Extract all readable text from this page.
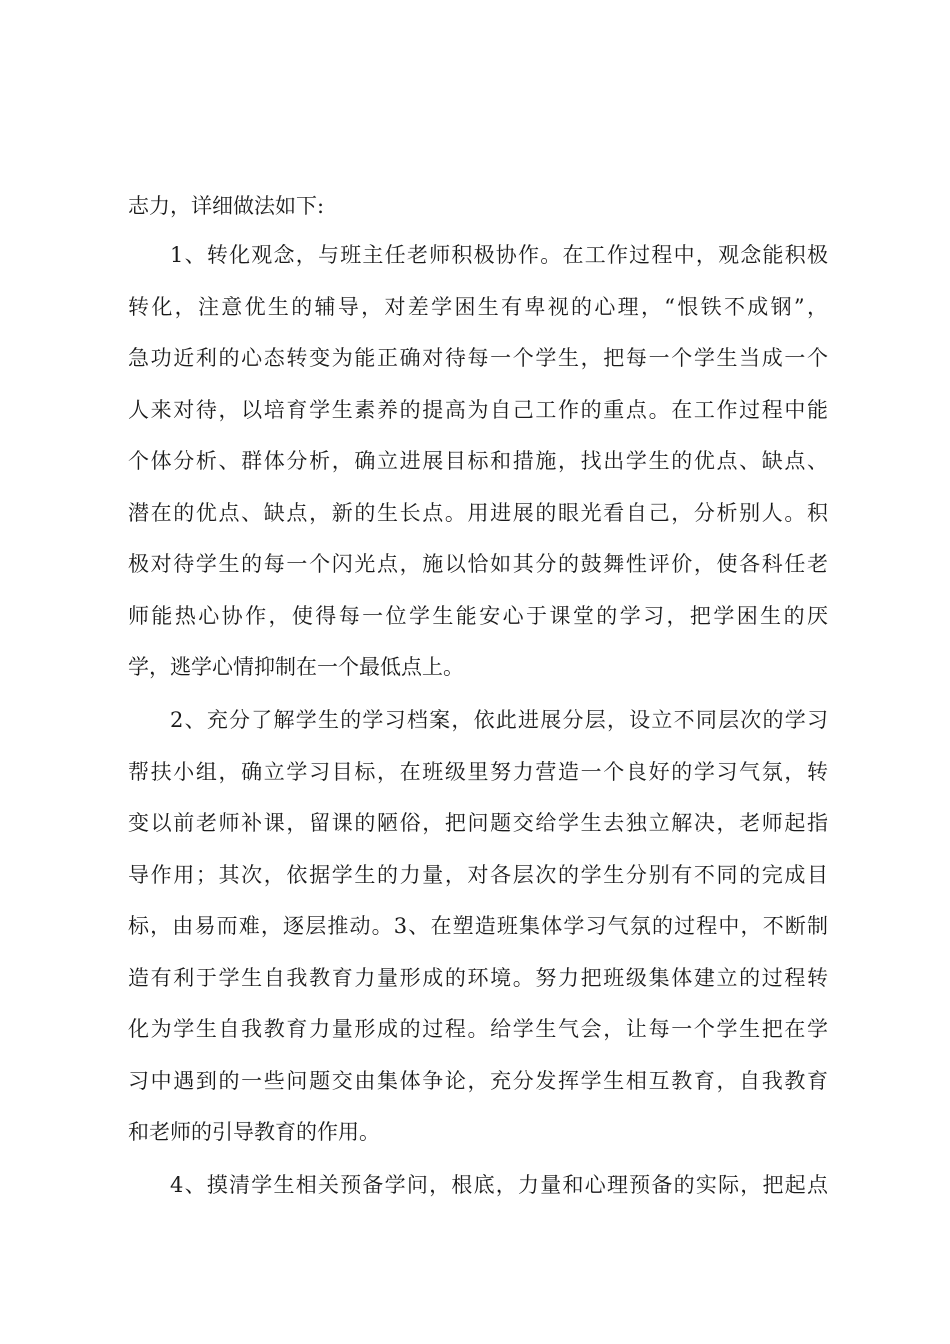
志力，详细做法如下:
1、转化观念，与班主任老师积极协作。在工作过程中，观念能积极
转化，注意优生的辅导，对差学困生有卑视的心理，“恨铁不成钢”，
急功近利的心态转变为能正确对待每一个学生，把每一个学生当成一个
人来对待，以培育学生素养的提高为自己工作的重点。在工作过程中能
个体分析、群体分析，确立进展目标和措施，找出学生的优点、缺点、
潜在的优点、缺点，新的生长点。用进展的眼光看自己，分析别人。积
极对待学生的每一个闪光点，施以恰如其分的鼓舞性评价，使各科任老
师能热心协作，使得每一位学生能安心于课堂的学习，把学困生的厌
学，逃学心情抑制在一个最低点上。
2、充分了解学生的学习档案，依此进展分层，设立不同层次的学习
帮扶小组，确立学习目标，在班级里努力营造一个良好的学习气氛，转
变以前老师补课，留课的陋俗，把问题交给学生去独立解决，老师起指
导作用；其次，依据学生的力量，对各层次的学生分别有不同的完成目
标，由易而难，逐层推动。3、在塑造班集体学习气氛的过程中，不断制
造有利于学生自我教育力量形成的环境。努力把班级集体建立的过程转
化为学生自我教育力量形成的过程。给学生气会，让每一个学生把在学
习中遇到的一些问题交由集体争论，充分发挥学生相互教育，自我教育
和老师的引导教育的作用。
4、摸清学生相关预备学问，根底，力量和心理预备的实际，把起点
